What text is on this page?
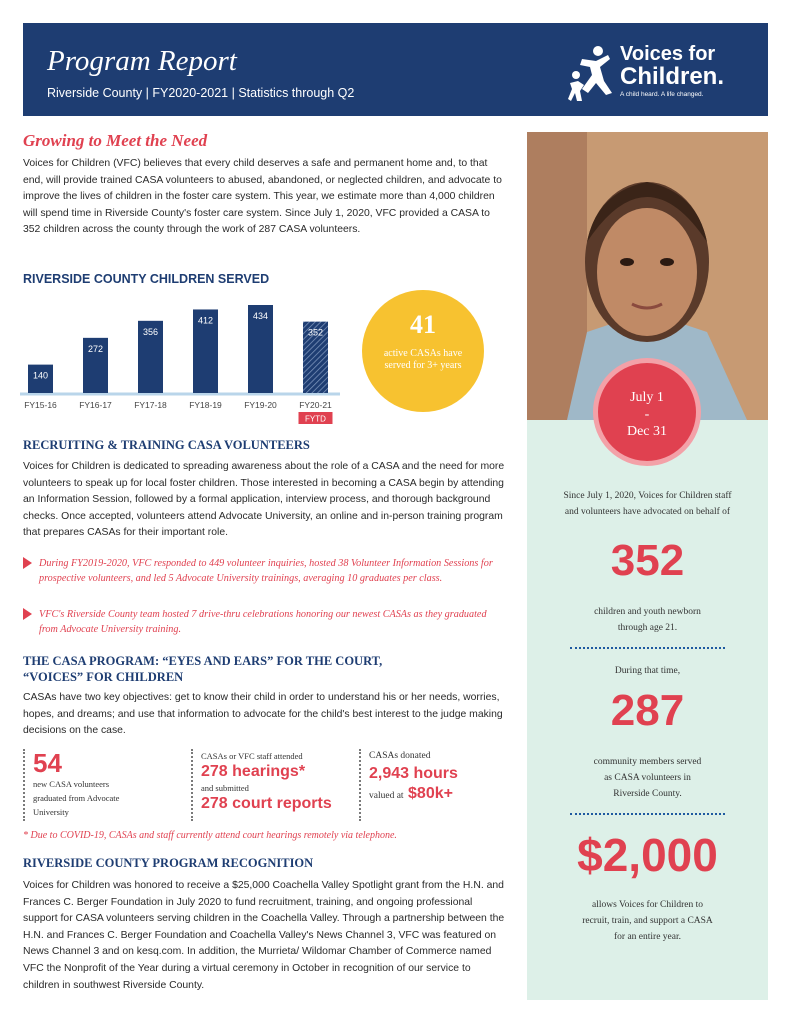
Program Report
Riverside County | FY2020-2021 | Statistics through Q2
Voices for
Children.
A child heard. A life changed.
Growing to Meet the Need
Voices for Children (VFC) believes that every child deserves a safe and permanent home and, to that end, will provide trained CASA volunteers to abused, abandoned, or neglected children, and advocate to improve the lives of children in the foster care system. This year, we estimate more than 4,000 children will spend time in Riverside County's foster care system. Since July 1, 2020, VFC provided a CASA to 352 children across the county through the work of 287 CASA volunteers.
RIVERSIDE COUNTY CHILDREN SERVED
140
FY15-16
272
FY16-17
356
FY17-18
412
FY18-19
434
FY19-20
352
FY20-21
FYTD
41
active CASAs have served for 3+ years
RECRUITING & TRAINING CASA VOLUNTEERS
Voices for Children is dedicated to spreading awareness about the role of a CASA and the need for more volunteers to speak up for local foster children. Those interested in becoming a CASA begin by attending an Information Session, followed by a formal application, interview process, and thorough background checks. Once accepted, volunteers attend Advocate University, an online and in-person training program that prepares CASAs for their important role.
During FY2019-2020, VFC responded to 449 volunteer inquiries, hosted 38 Volunteer Information Sessions for prospective volunteers, and led 5 Advocate University trainings, averaging 10 graduates per class.
VFC's Riverside County team hosted 7 drive-thru celebrations honoring our newest CASAs as they graduated from Advocate University training.
THE CASA PROGRAM: “EYES AND EARS” FOR THE COURT,
“VOICES” FOR CHILDREN
CASAs have two key objectives: get to know their child in order to understand his or her needs, worries, hopes, and dreams; and use that information to advocate for the child's best interest to the judge making decisions on the case.
54
new CASA volunteers graduated from Advocate University
CASAs or VFC staff attended
278 hearings*
and submitted
278 court reports
CASAs donated
2,943 hours
valued at $80k+
* Due to COVID-19, CASAs and staff currently attend court hearings remotely via telephone.
RIVERSIDE COUNTY PROGRAM RECOGNITION
Voices for Children was honored to receive a $25,000 Coachella Valley Spotlight grant from the H.N. and Frances C. Berger Foundation in July 2020 to fund recruitment, training, and ongoing professional support for CASA volunteers serving children in the Coachella Valley. Through a partnership between the H.N. and Frances C. Berger Foundation and Coachella Valley's News Channel 3, VFC was featured on News Channel 3 and on kesq.com. In addition, the Murrieta/ Wildomar Chamber of Commerce named VFC the Nonprofit of the Year during a virtual ceremony in October in recognition of our service to children in southwest Riverside County.
July 1
-
Dec 31
Since July 1, 2020, Voices for Children staff and volunteers have advocated on behalf of
352
children and youth newborn through age 21.
During that time,
287
community members served as CASA volunteers in Riverside County.
$2,000
allows Voices for Children to recruit, train, and support a CASA for an entire year.
